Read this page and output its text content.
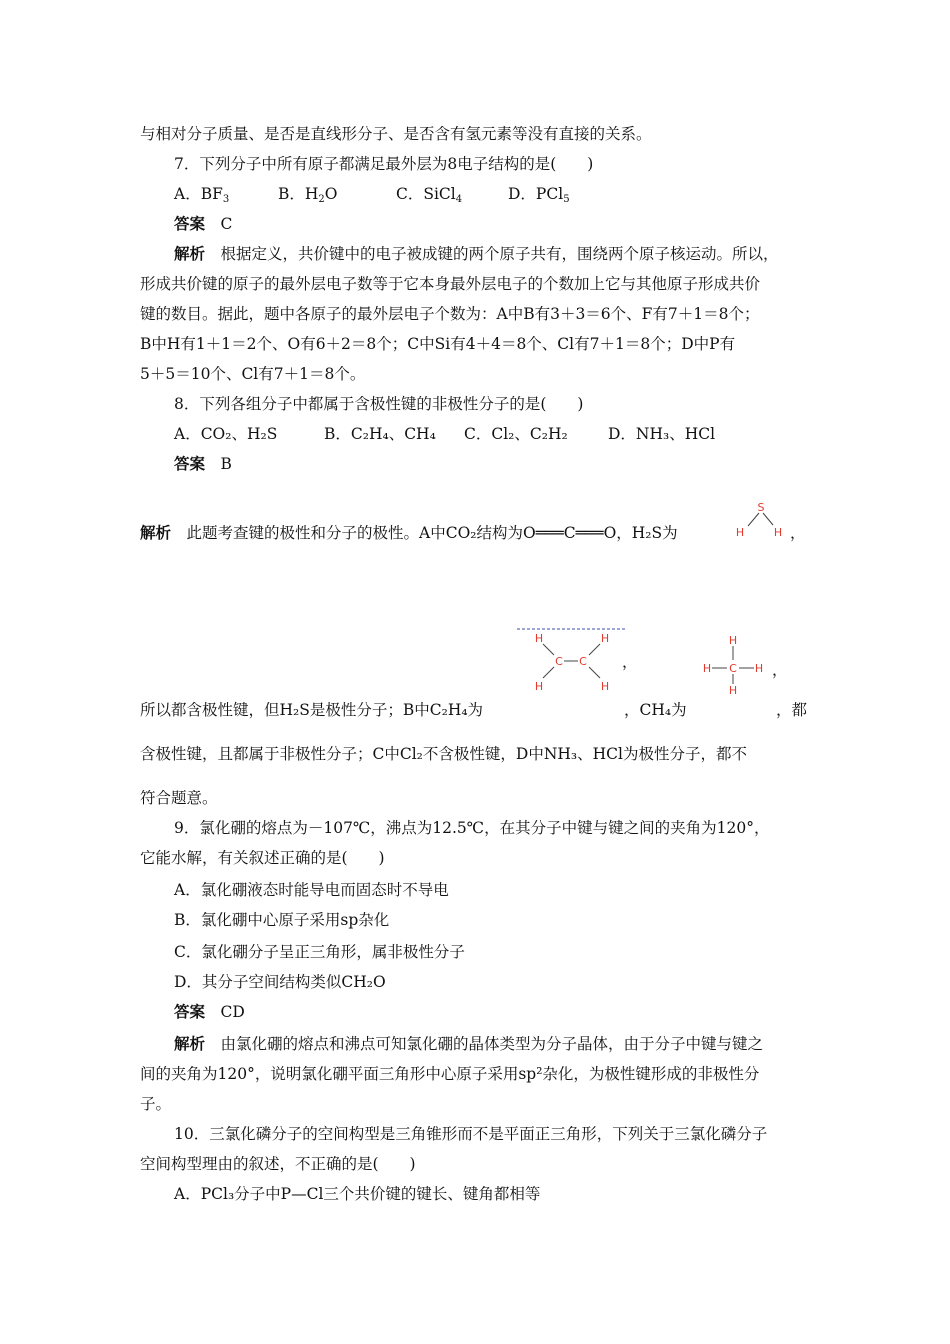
与相对分子质量、是否是直线形分子、是否含有氢元素等没有直接的关系。
7．下列分子中所有原子都满足最外层为8电子结构的是(　　)
A．$BF_3$	B．$H_2O$	C．SiCl$_4$	D．PCl$_5$
答案　 C
解析　 根据定义，共价键中的电子被成键的两个原子共有，围绕两个原子核运动。所以，
形成共价键的原子的最外层电子数等于它本身最外层电子的个数加上它与其他原子形成共价
键的数目。据此，题中各原子的最外层电子个数为：A中B有3＋3＝6个、F有7＋1＝8个；
B中H有1＋1＝2个、O有6＋2＝8个；C中Si有4＋4＝8个、Cl有7＋1＝8个；D中P有
5＋5＝10个、Cl有7＋1＝8个。
8．下列各组分子中都属于含极性键的非极性分子的是(　　)
A．CO₂、H₂S	B．C₂H₄、CH₄ C．Cl₂、C₂H₂	D．NH₃、HCl
答案　 B
解析　 此题考查键的极性和分子的极性。A中CO₂结构为O═══C═══O，H₂S为
S
H	H ，
H	H
C C
H	H
，
H
H C H
H
，
所以都含极性键，但H₂S是极性分子；B中C₂H₄为	，CH₄为	，都
含极性键，且都属于非极性分子；C中Cl₂不含极性键，D中NH₃、HCl为极性分子，都不
符合题意。
9．氯化硼的熔点为－107℃，沸点为12.5℃，在其分子中键与键之间的夹角为120°，
它能水解，有关叙述正确的是(　　)
A．氯化硼液态时能导电而固态时不导电
B．氯化硼中心原子采用sp杂化
C．氯化硼分子呈正三角形，属非极性分子
D．其分子空间结构类似CH₂O
答案　 CD
解析　 由氯化硼的熔点和沸点可知氯化硼的晶体类型为分子晶体，由于分子中键与键之
间的夹角为120°，说明氯化硼平面三角形中心原子采用sp²杂化，为极性键形成的非极性分
子。
10．三氯化磷分子的空间构型是三角锥形而不是平面正三角形，下列关于三氯化磷分子
空间构型理由的叙述，不正确的是(　　)
A．PCl₃分子中P—Cl三个共价键的键长、键角都相等
